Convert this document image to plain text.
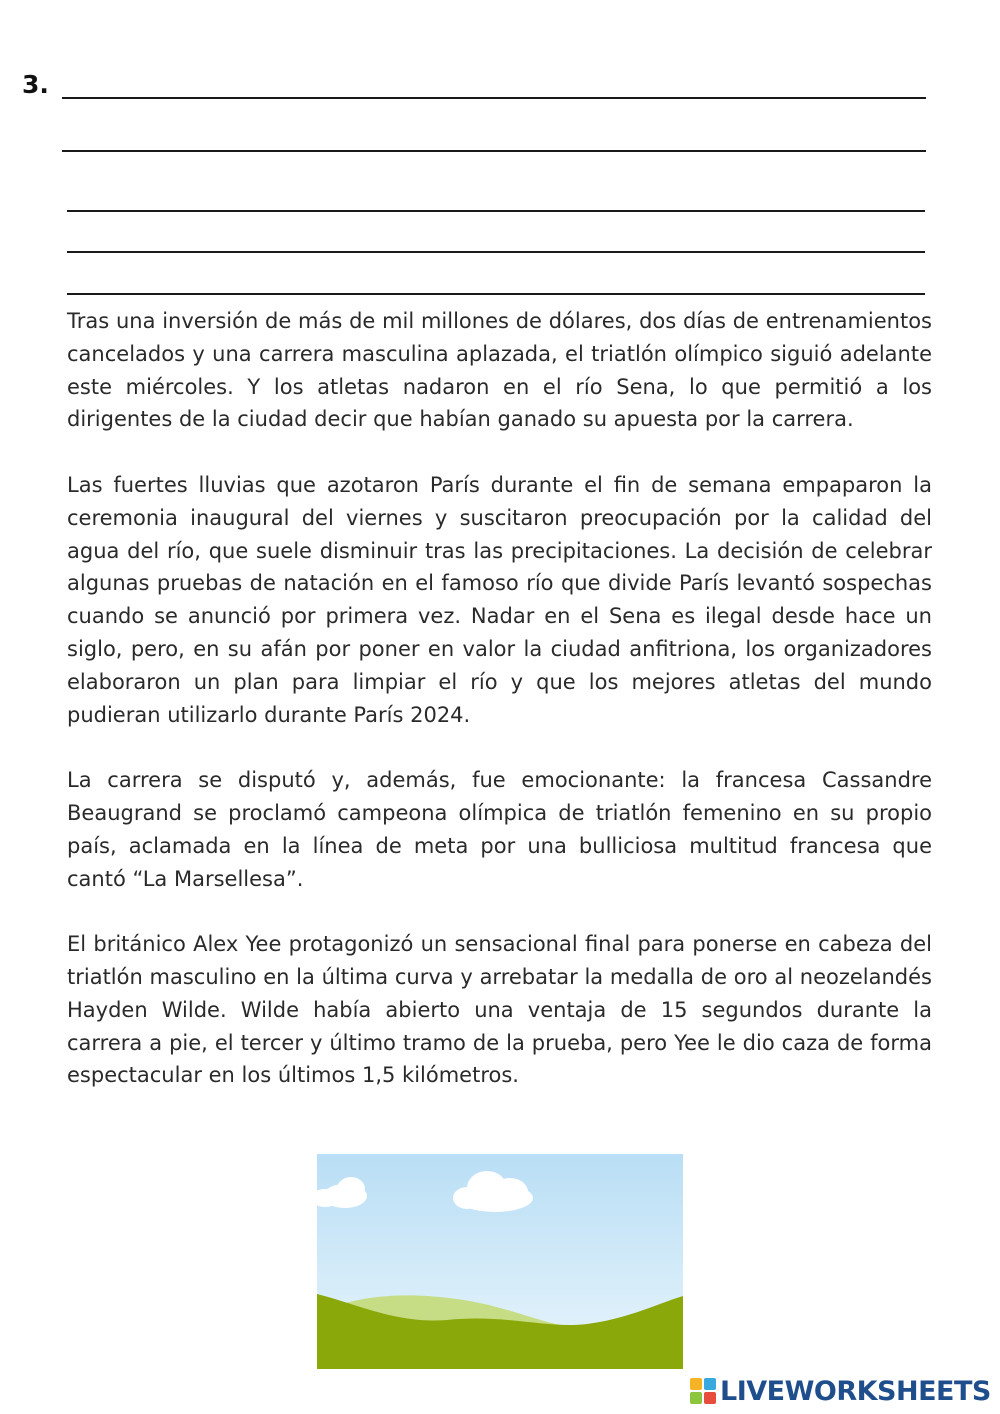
3.

Tras una inversión de más de mil millones de dólares, dos días de entrenamientos cancelados y una carrera masculina aplazada, el triatlón olímpico siguió adelante este miércoles. Y los atletas nadaron en el río Sena, lo que permitió a los dirigentes de la ciudad decir que habían ganado su apuesta por la carrera.

Las fuertes lluvias que azotaron París durante el fin de semana empaparon la ceremonia inaugural del viernes y suscitaron preocupación por la calidad del agua del río, que suele disminuir tras las precipitaciones. La decisión de celebrar algunas pruebas de natación en el famoso río que divide París levantó sospechas cuando se anunció por primera vez. Nadar en el Sena es ilegal desde hace un siglo, pero, en su afán por poner en valor la ciudad anfitriona, los organizadores elaboraron un plan para limpiar el río y que los mejores atletas del mundo pudieran utilizarlo durante París 2024.

La carrera se disputó y, además, fue emocionante: la francesa Cassandre Beaugrand se proclamó campeona olímpica de triatlón femenino en su propio país, aclamada en la línea de meta por una bulliciosa multitud francesa que cantó “La Marsellesa”.

El británico Alex Yee protagonizó un sensacional final para ponerse en cabeza del triatlón masculino en la última curva y arrebatar la medalla de oro al neozelandés Hayden Wilde. Wilde había abierto una ventaja de 15 segundos durante la carrera a pie, el tercer y último tramo de la prueba, pero Yee le dio caza de forma espectacular en los últimos 1,5 kilómetros.

LIVEWORKSHEETS
